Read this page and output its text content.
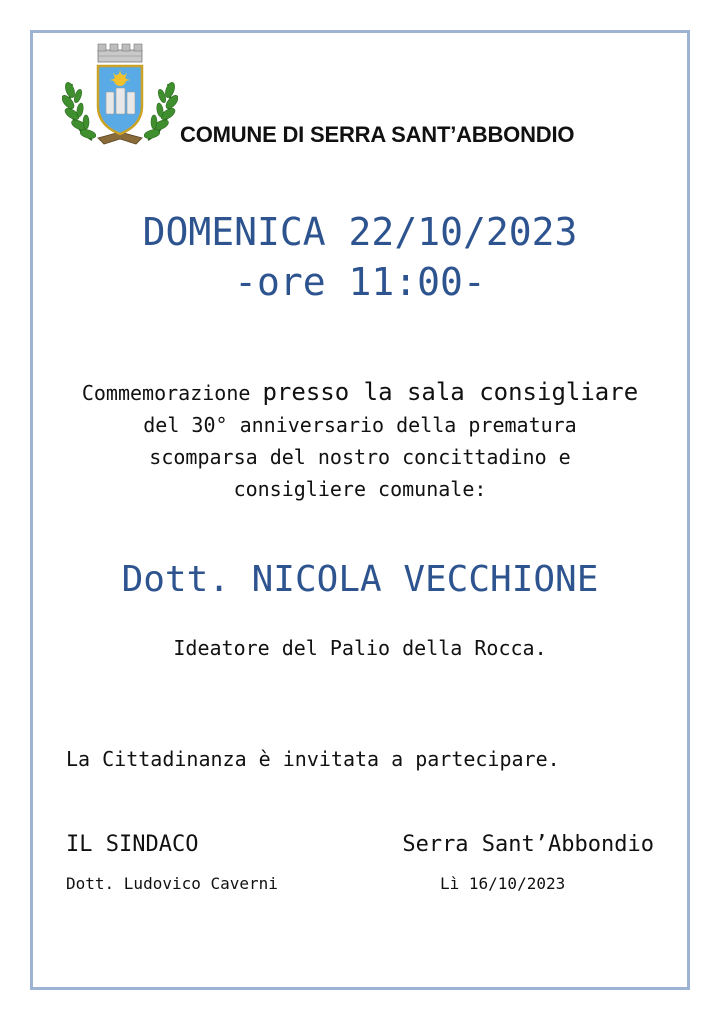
COMUNE DI SERRA SANT’ABBONDIO
DOMENICA 22/10/2023
-ore 11:00-
Commemorazione presso la sala consigliare
del 30° anniversario della prematura
scomparsa del nostro concittadino e
consigliere comunale:
Dott. NICOLA VECCHIONE
Ideatore del Palio della Rocca.
La Cittadinanza è invitata a partecipare.
IL SINDACO
Dott. Ludovico Caverni
Serra Sant’Abbondio
Lì 16/10/2023
